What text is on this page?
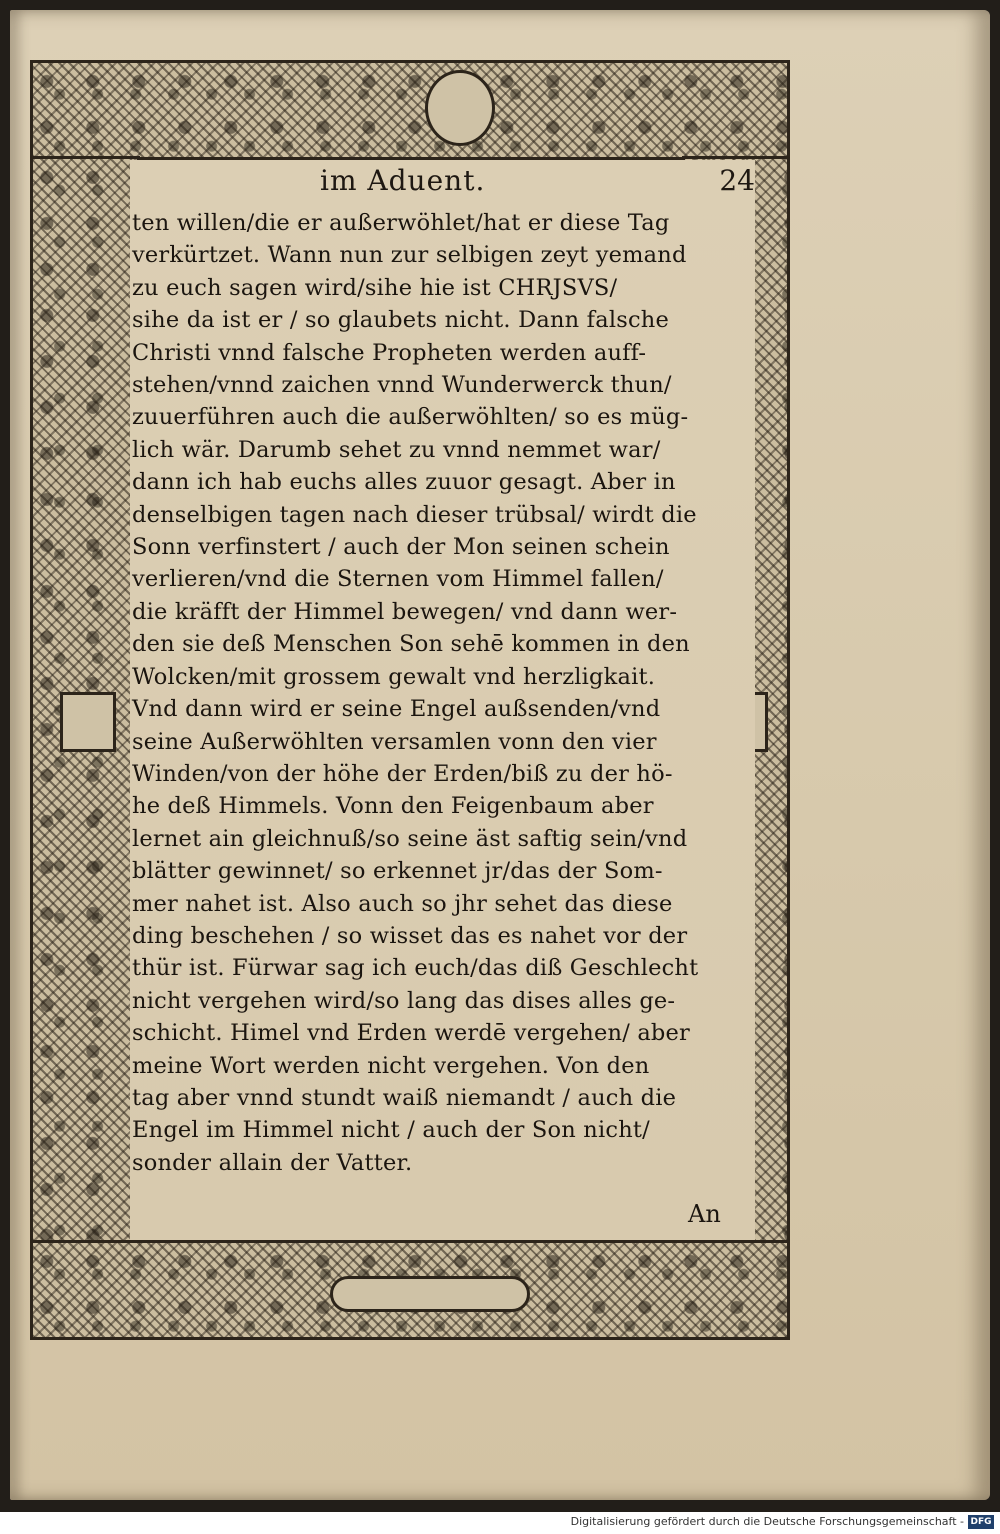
im Aduent.	24
ten willen/die er außerwöhlet/hat er diese Tag
verkürtzet. Wann nun zur selbigen zeyt yemand
zu euch sagen wird/sihe hie ist CHRJSVS/
sihe da ist er / so glaubets nicht. Dann falsche
Christi vnnd falsche Propheten werden auff-
stehen/vnnd zaichen vnnd Wunderwerck thun/
zuuerführen auch die außerwöhlten/ so es müg-
lich wär. Darumb sehet zu vnnd nemmet war/
dann ich hab euchs alles zuuor gesagt. Aber in
denselbigen tagen nach dieser trübsal/ wirdt die
Sonn verfinstert / auch der Mon seinen schein
verlieren/vnd die Sternen vom Himmel fallen/
die kräfft der Himmel bewegen/ vnd dann wer-
den sie deß Menschen Son sehē kommen in den
Wolcken/mit grossem gewalt vnd herzligkait.
Vnd dann wird er seine Engel außsenden/vnd
seine Außerwöhlten versamlen vonn den vier
Winden/von der höhe der Erden/biß zu der hö-
he deß Himmels. Vonn den Feigenbaum aber
lernet ain gleichnuß/so seine äst saftig sein/vnd
blätter gewinnet/ so erkennet jr/das der Som-
mer nahet ist. Also auch so jhr sehet das diese
ding beschehen / so wisset das es nahet vor der
thür ist. Fürwar sag ich euch/das diß Geschlecht
nicht vergehen wird/so lang das dises alles ge-
schicht. Himel vnd Erden werdē vergehen/ aber
meine Wort werden nicht vergehen. Von den
tag aber vnnd stundt waiß niemandt / auch die
Engel im Himmel nicht / auch der Son nicht/
sonder allain der Vatter.
An
Digitalisierung gefördert durch die Deutsche Forschungsgemeinschaft - DFG
